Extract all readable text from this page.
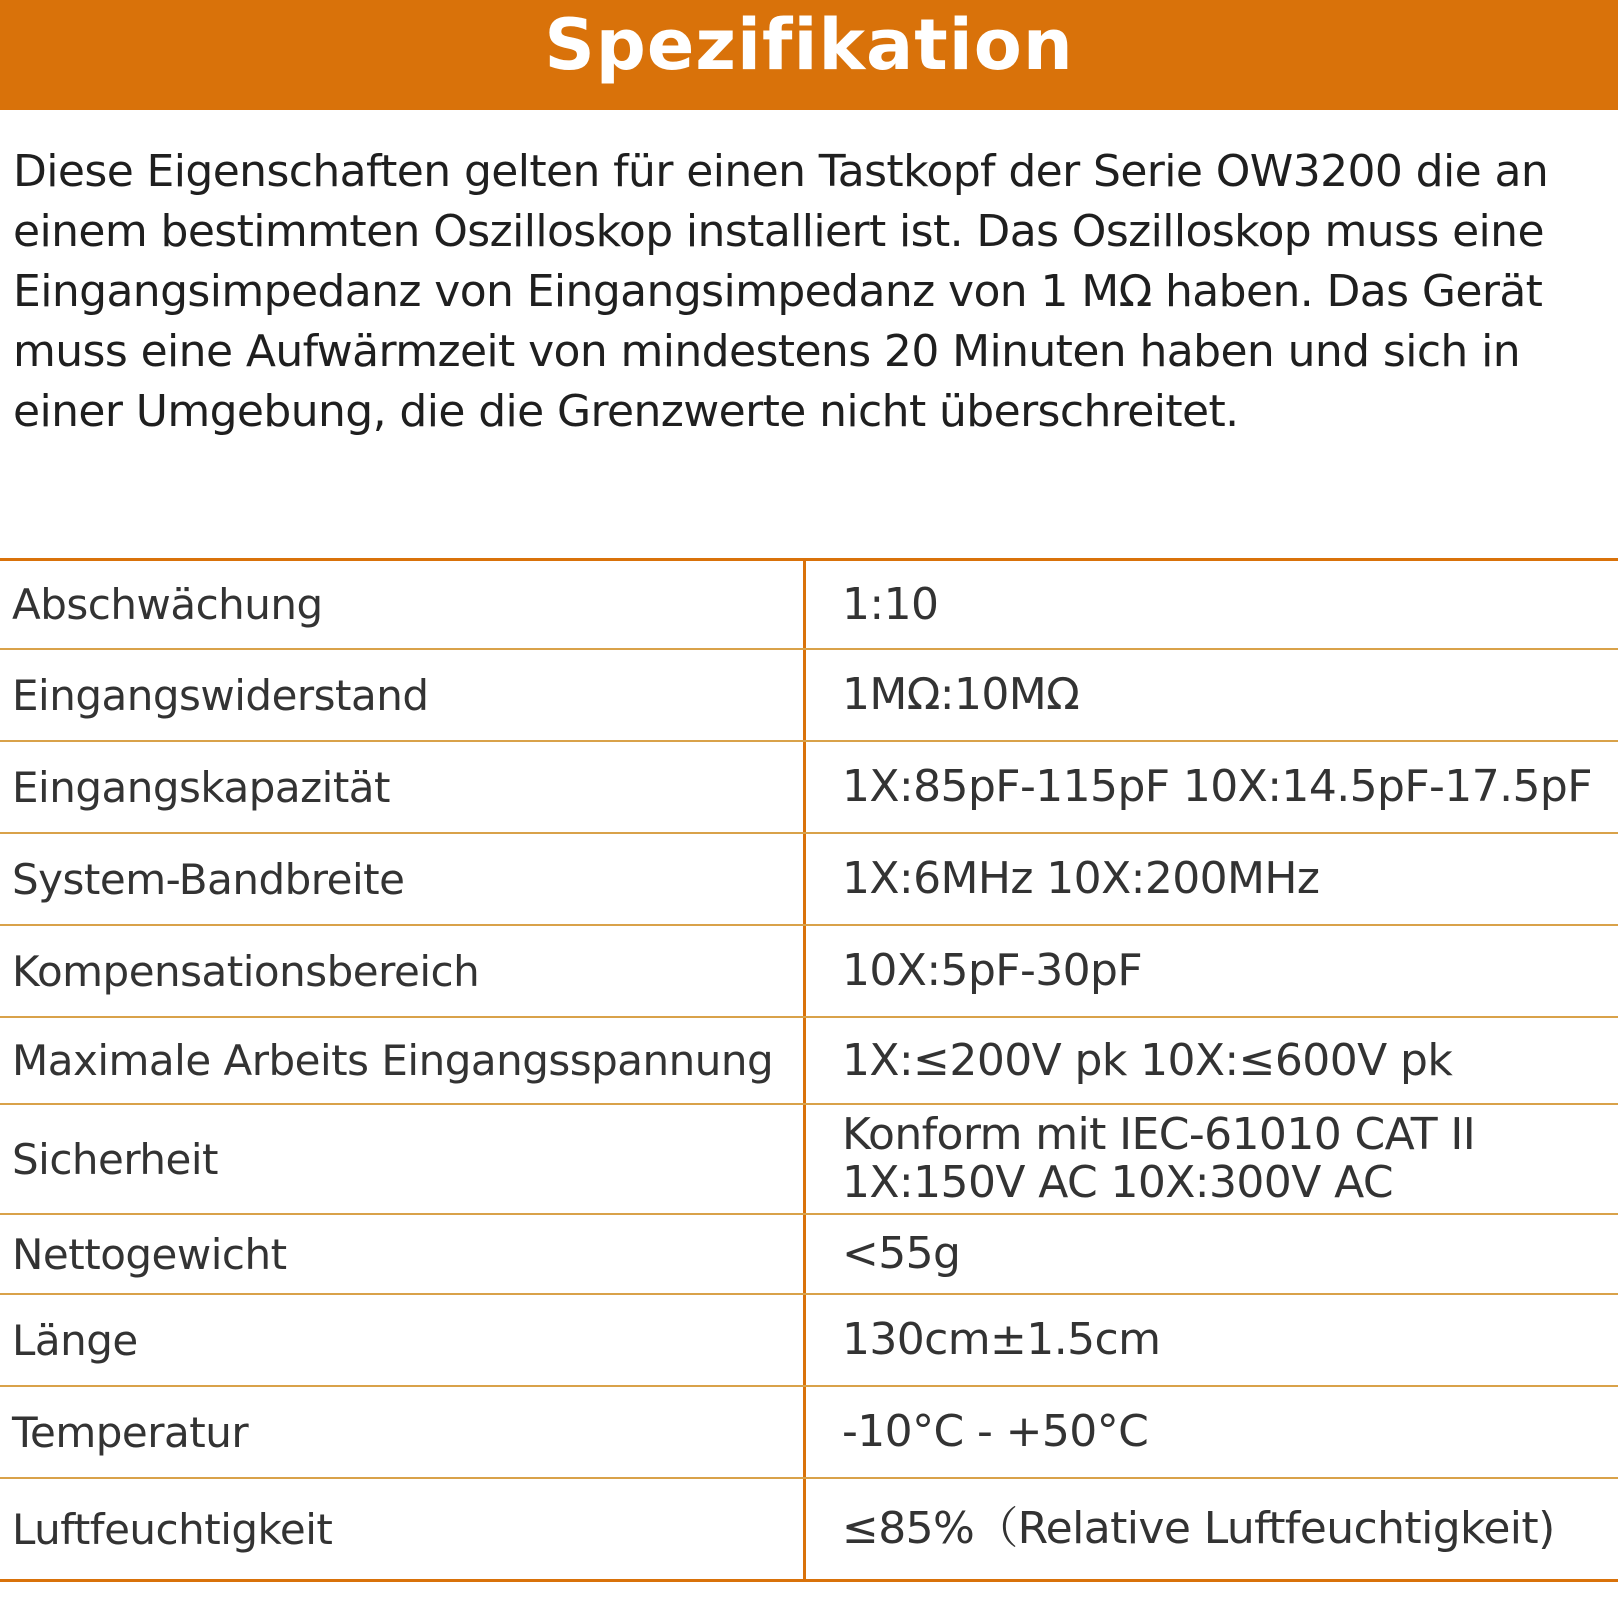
Spezifikation

Diese Eigenschaften gelten für einen Tastkopf der Serie OW3200 die an einem bestimmten Oszilloskop installiert ist. Das Oszilloskop muss eine Eingangsimpedanz von Eingangsimpedanz von 1 MΩ haben. Das Gerät muss eine Aufwärmzeit von mindestens 20 Minuten haben und sich in einer Umgebung, die die Grenzwerte nicht überschreitet.

Abschwächung	1:10
Eingangswiderstand	1MΩ:10MΩ
Eingangskapazität	1X:85pF-115pF 10X:14.5pF-17.5pF
System-Bandbreite	1X:6MHz 10X:200MHz
Kompensationsbereich	10X:5pF-30pF
Maximale Arbeits Eingangsspannung	1X:≤200V pk 10X:≤600V pk
Sicherheit	Konform mit IEC-61010 CAT II
1X:150V AC 10X:300V AC
Nettogewicht	<55g
Länge	130cm±1.5cm
Temperatur	-10°C - +50°C
Luftfeuchtigkeit	≤85%（Relative Luftfeuchtigkeit)
